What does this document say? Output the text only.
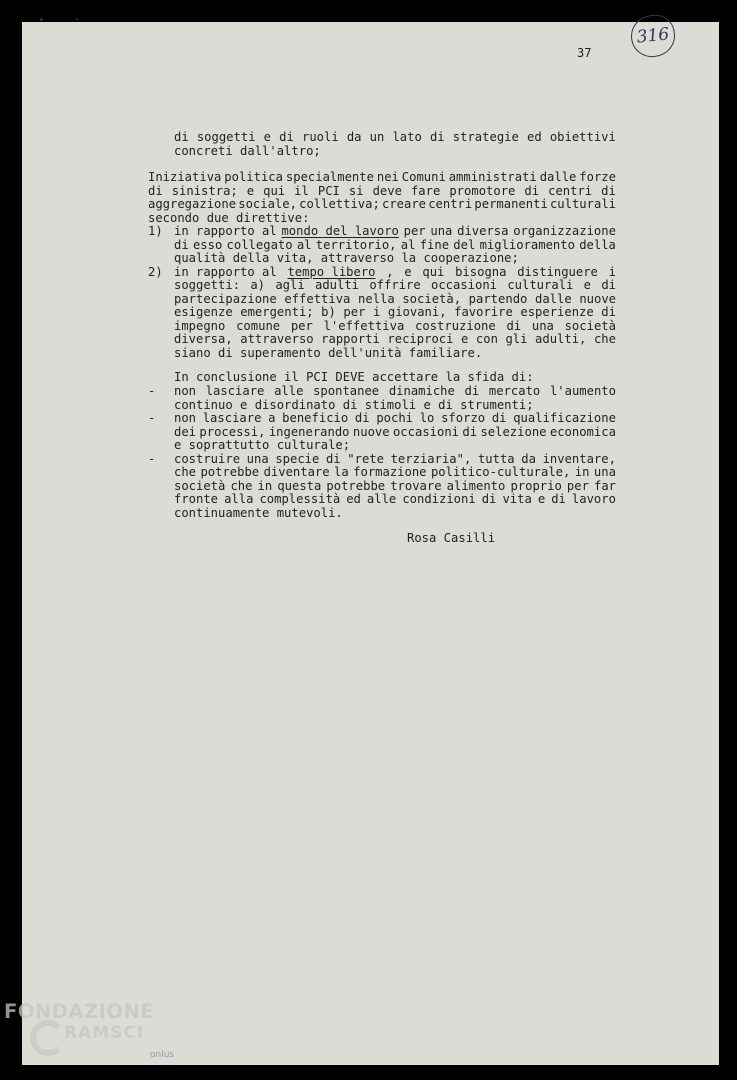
37
316
di soggetti e di ruoli da un lato di strategie ed obiettivi
concreti dall'altro;
Iniziativa politica specialmente nei Comuni amministrati dalle forze
di sinistra; e qui il PCI si deve fare promotore di centri di
aggregazione sociale, collettiva; creare centri permanenti culturali
secondo due direttive:
1) in rapporto al mondo del lavoro per una diversa organizzazione
di esso collegato al territorio, al fine del miglioramento della
qualità della vita, attraverso la cooperazione;
2) in rapporto al tempo libero , e qui bisogna distinguere i
soggetti: a) agli adulti offrire occasioni culturali e di
partecipazione effettiva nella società, partendo dalle nuove
esigenze emergenti; b) per i giovani, favorire esperienze di
impegno comune per l'effettiva costruzione di una società
diversa, attraverso rapporti reciproci e con gli adulti, che
siano di superamento dell'unità familiare.
In conclusione il PCI DEVE accettare la sfida di:
- non lasciare alle spontanee dinamiche di mercato l'aumento
continuo e disordinato di stimoli e di strumenti;
- non lasciare a beneficio di pochi lo sforzo di qualificazione
dei processi, ingenerando nuove occasioni di selezione economica
e soprattutto culturale;
- costruire una specie di "rete terziaria", tutta da inventare,
che potrebbe diventare la formazione politico-culturale, in una
società che in questa potrebbe trovare alimento proprio per far
fronte alla complessità ed alle condizioni di vita e di lavoro
continuamente mutevoli.
Rosa Casilli
FONDAZIONE
RAMSCI
onlus
